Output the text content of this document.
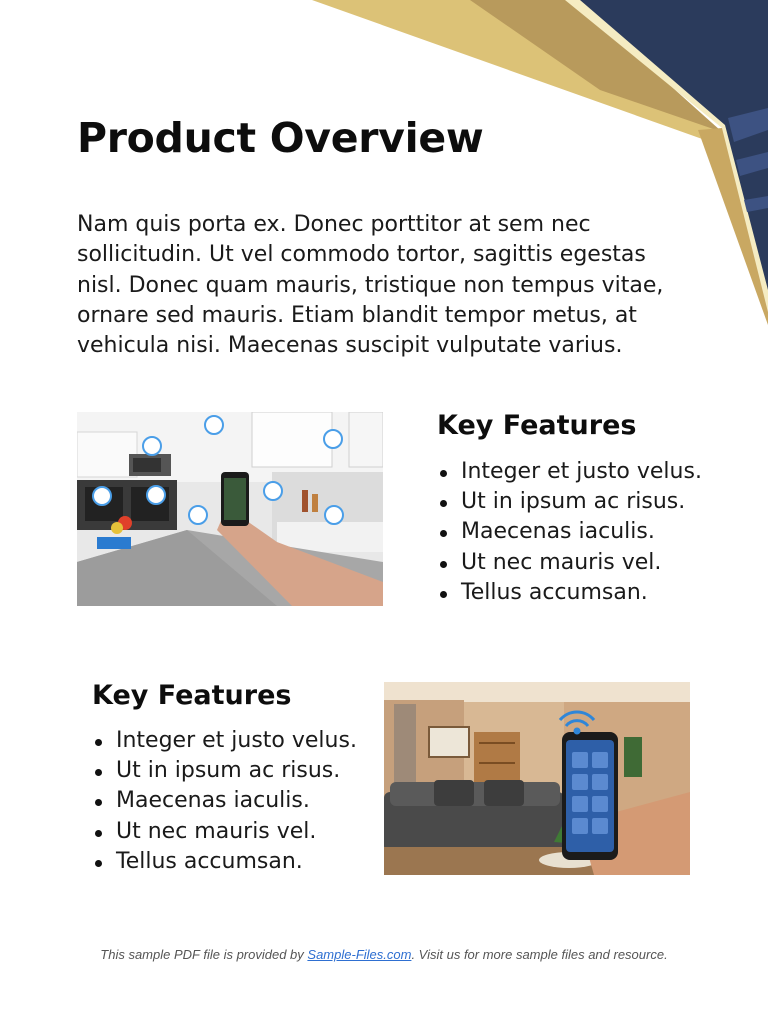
Product Overview

Nam quis porta ex. Donec porttitor at sem nec sollicitudin. Ut vel commodo tortor, sagittis egestas nisl. Donec quam mauris, tristique non tempus vitae, ornare sed mauris. Etiam blandit tempor metus, at vehicula nisi. Maecenas suscipit vulputate varius.

Key Features
Integer et justo velus.
Ut in ipsum ac risus.
Maecenas iaculis.
Ut nec mauris vel.
Tellus accumsan.
Key Features
Integer et justo velus.
Ut in ipsum ac risus.
Maecenas iaculis.
Ut nec mauris vel.
Tellus accumsan.
This sample PDF file is provided by Sample-Files.com. Visit us for more sample files and resource.
